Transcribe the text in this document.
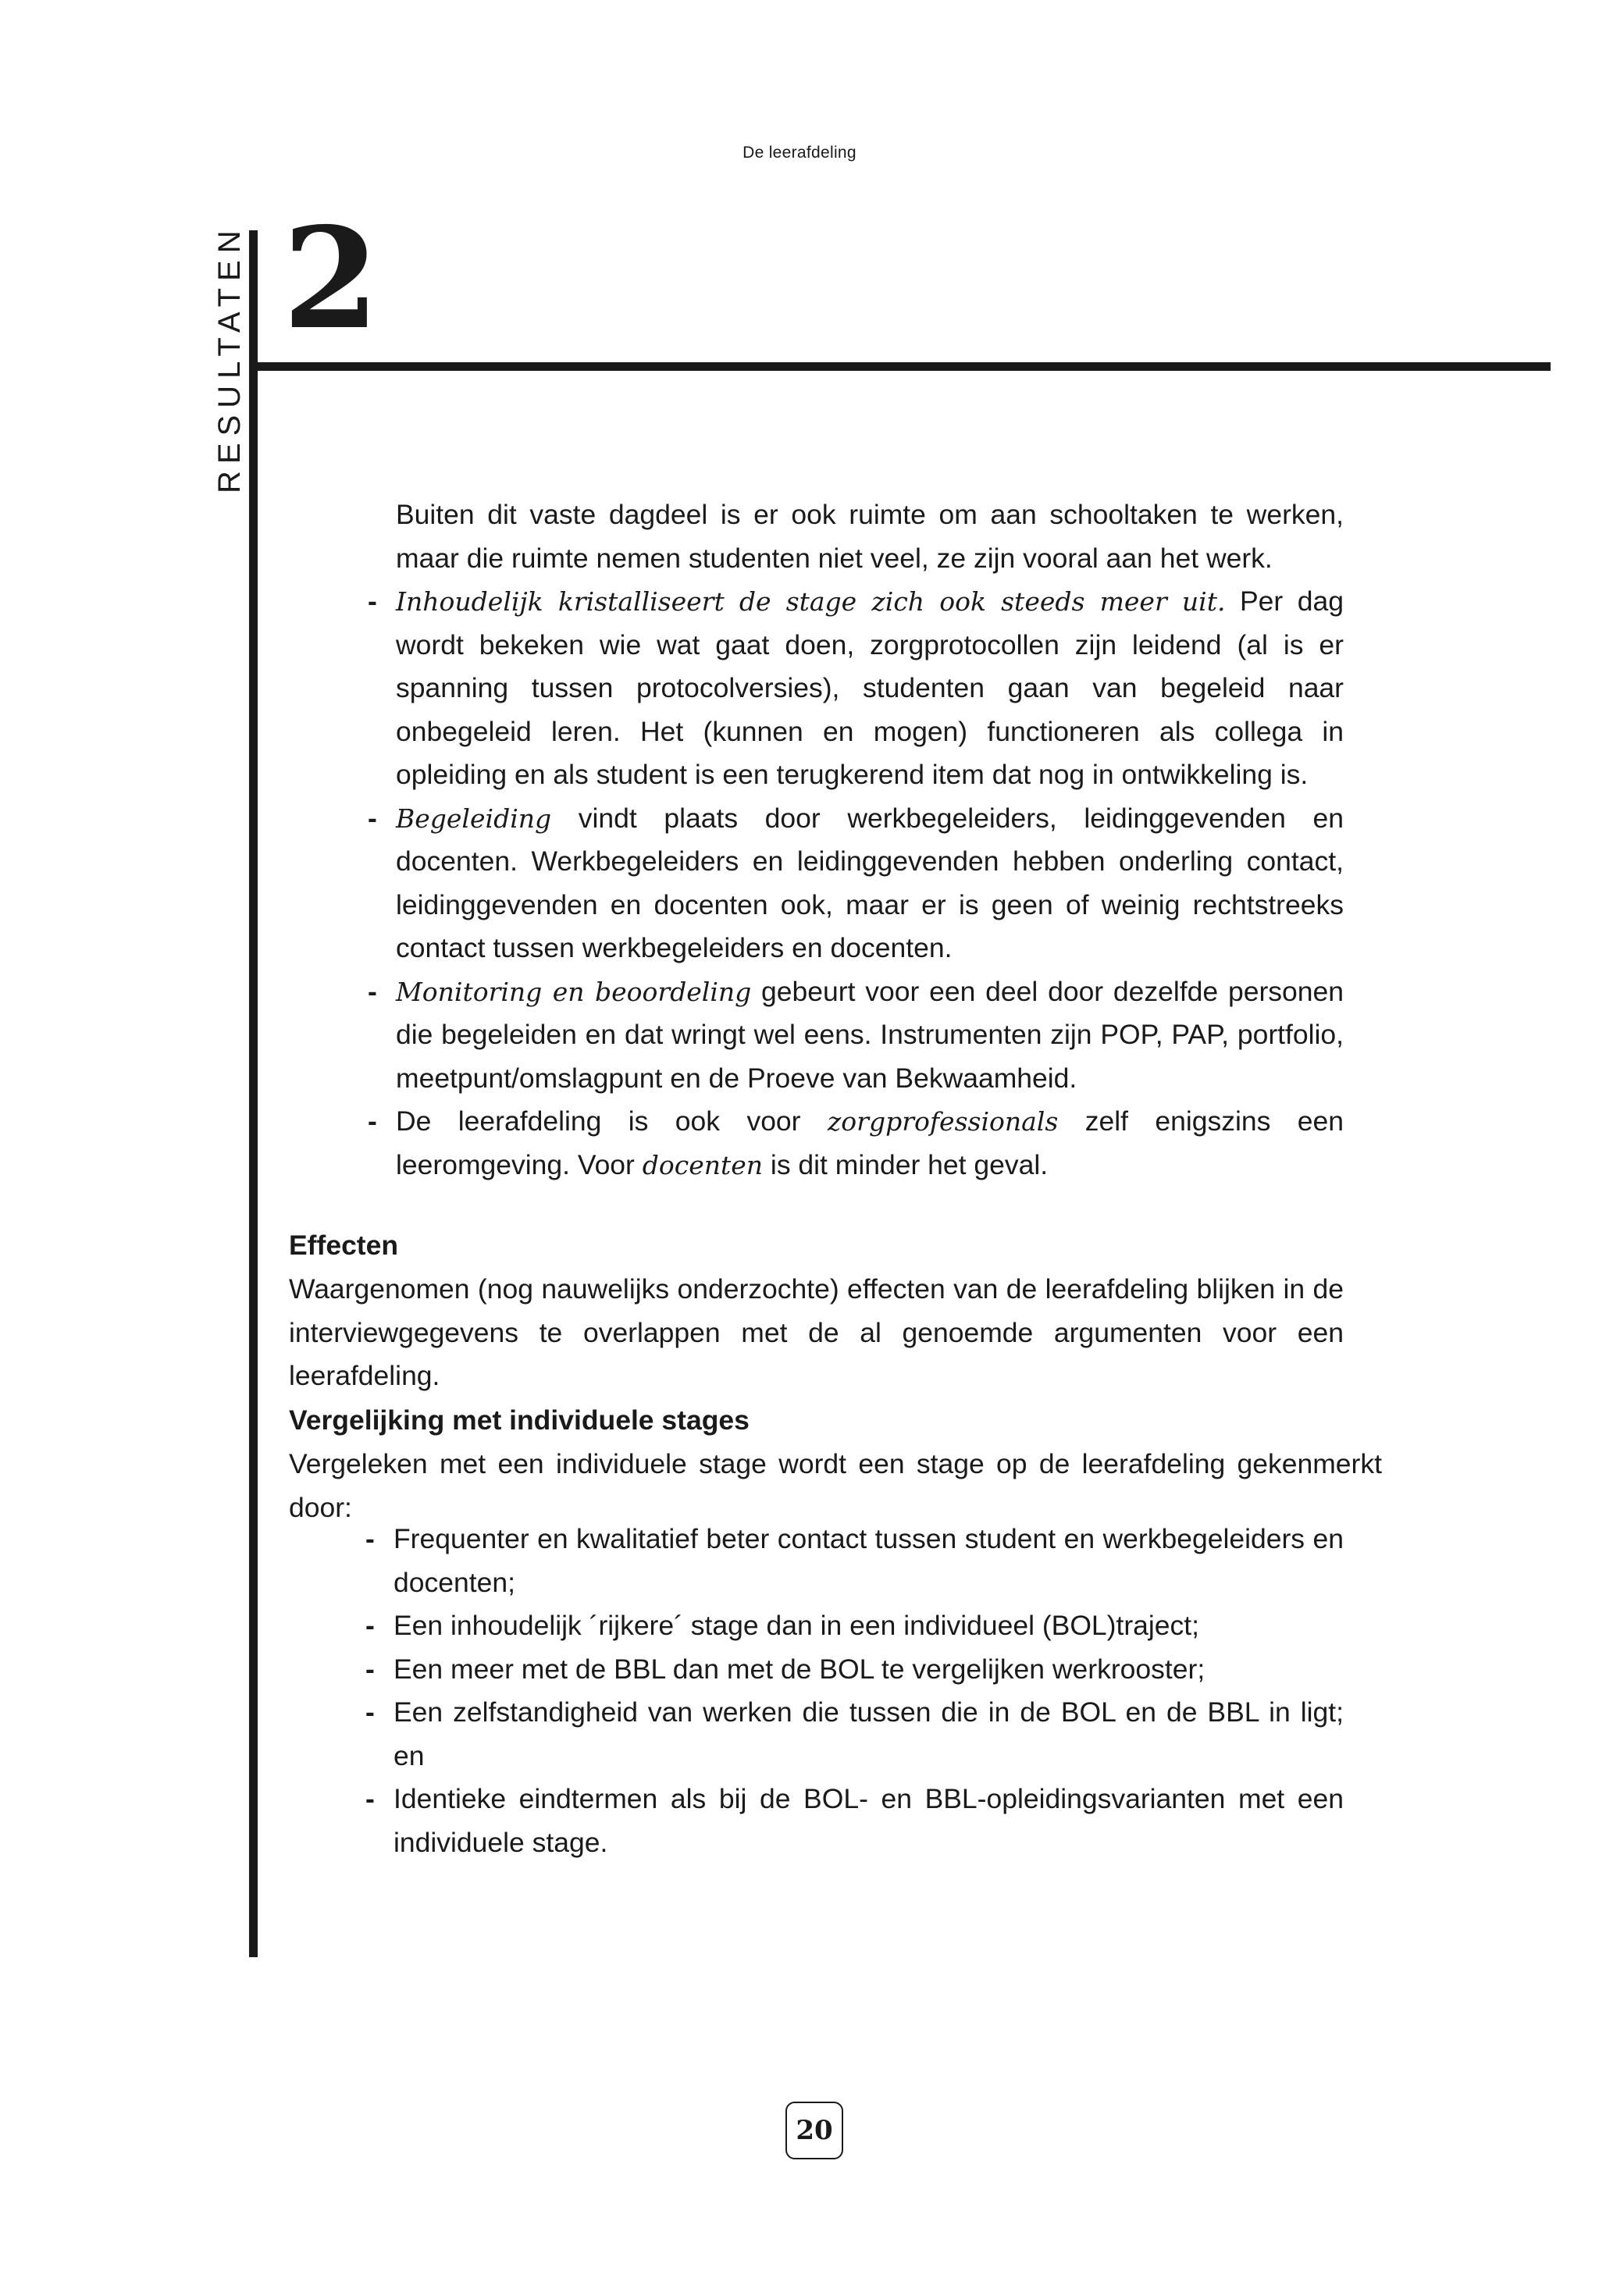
De leerafdeling
RESULTATEN 2

Buiten dit vaste dagdeel is er ook ruimte om aan schooltaken te werken, maar die ruimte nemen studenten niet veel, ze zijn vooral aan het werk.

- Inhoudelijk kristalliseert de stage zich ook steeds meer uit. Per dag wordt bekeken wie wat gaat doen, zorgprotocollen zijn leidend (al is er spanning tussen protocolversies), studenten gaan van begeleid naar onbegeleid leren. Het (kunnen en mogen) functioneren als collega in opleiding en als student is een terugkerend item dat nog in ontwikkeling is.
- Begeleiding vindt plaats door werkbegeleiders, leidinggevenden en docenten. Werkbegeleiders en leidinggevenden hebben onderling contact, leidinggevenden en docenten ook, maar er is geen of weinig rechtstreeks contact tussen werkbegeleiders en docenten.
- Monitoring en beoordeling gebeurt voor een deel door dezelfde personen die begeleiden en dat wringt wel eens. Instrumenten zijn POP, PAP, portfolio, meetpunt/omslagpunt en de Proeve van Bekwaamheid.
- De leerafdeling is ook voor zorgprofessionals zelf enigszins een leeromgeving. Voor docenten is dit minder het geval.
Effecten
Waargenomen (nog nauwelijks onderzochte) effecten van de leerafdeling blijken in de interviewgegevens te overlappen met de al genoemde argumenten voor een leerafdeling.
Vergelijking met individuele stages
Vergeleken met een individuele stage wordt een stage op de leerafdeling gekenmerkt door:
- Frequenter en kwalitatief beter contact tussen student en werkbegeleiders en docenten;
- Een inhoudelijk ´rijkere´ stage dan in een individueel (BOL)traject;
- Een meer met de BBL dan met de BOL te vergelijken werkrooster;
- Een zelfstandigheid van werken die tussen die in de BOL en de BBL in ligt; en
- Identieke eindtermen als bij de BOL- en BBL-opleidingsvarianten met een individuele stage.
20
